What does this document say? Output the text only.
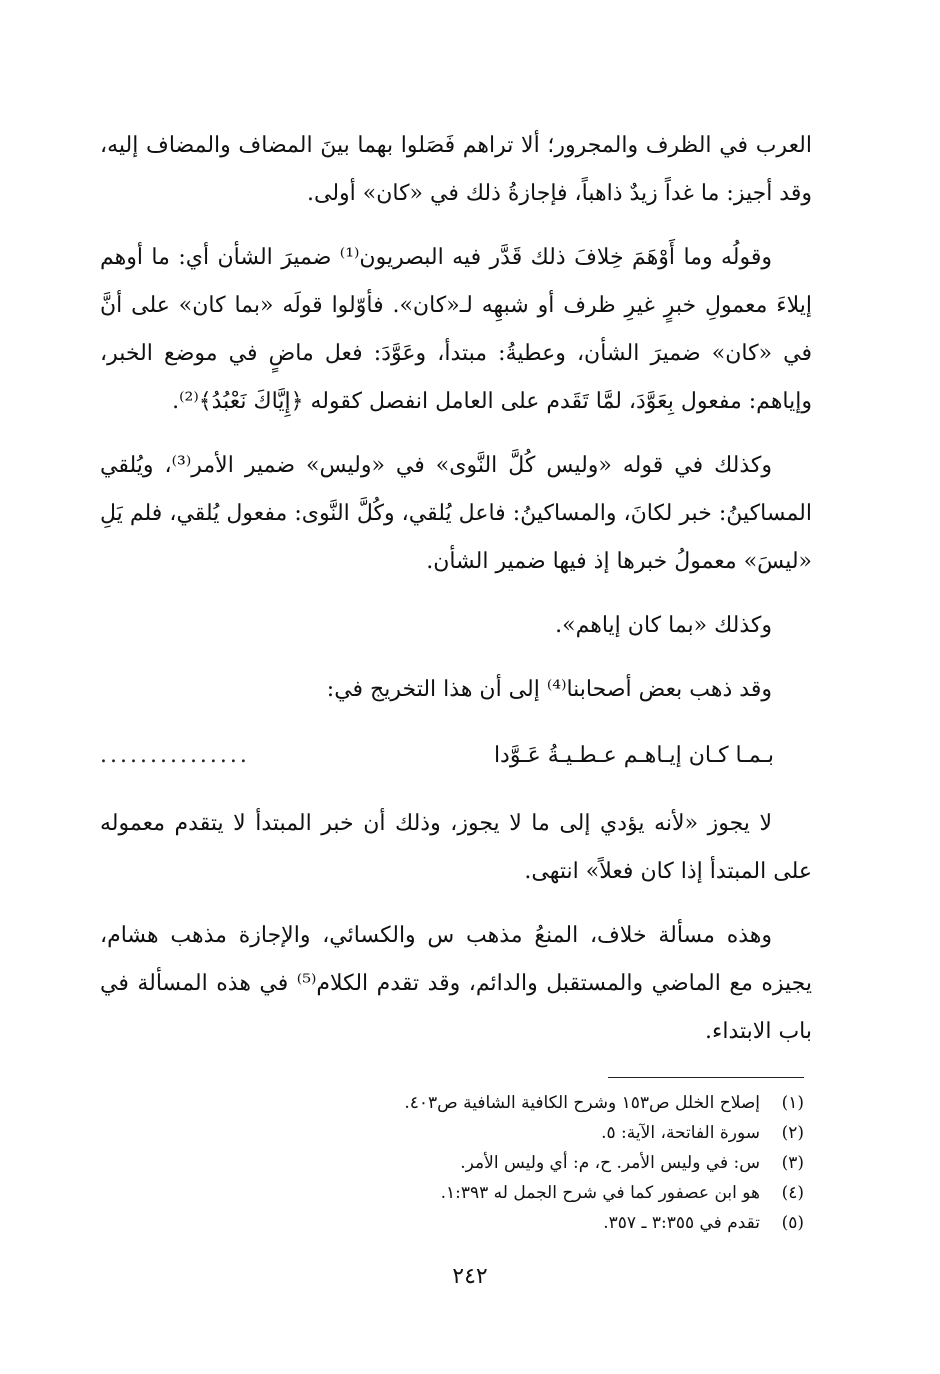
العرب في الظرف والمجرور؛ ألا تراهم فَصَلوا بهما بينَ المضاف والمضاف إليه، وقد أجيز: ما غداً زيدٌ ذاهباً، فإجازةُ ذلك في «كان» أولى.

وقولُه وما أَوْهَمَ خِلافَ ذلك قَدَّر فيه البصريون⁽¹⁾ ضميرَ الشأن أي: ما أوهم إيلاءَ معمولِ خبرٍ غيرِ ظرف أو شبهِه لـ«كان». فأوّلوا قولَه «بما كان» على أنَّ في «كان» ضميرَ الشأن، وعطيةُ: مبتدأ، وعَوَّدَ: فعل ماضٍ في موضع الخبر، وإياهم: مفعول بِعَوَّدَ، لمَّا تَقَدم على العامل انفصل كقوله ﴿إِيَّاكَ نَعْبُدُ﴾⁽²⁾.

وكذلك في قوله «وليس كُلَّ النَّوى» في «وليس» ضمير الأمر⁽³⁾، ويُلقي المساكينُ: خبر لكانَ، والمساكينُ: فاعل يُلقي، وكُلَّ النَّوى: مفعول يُلقي، فلم يَلِ «ليسَ» معمولُ خبرها إذ فيها ضمير الشأن.

وكذلك «بما كان إياهم».

وقد ذهب بعض أصحابنا⁽⁴⁾ إلى أن هذا التخريج في:

بـمـا كـان إيـاهـم عـطـيـةُ عَـوَّدا
...............

لا يجوز «لأنه يؤدي إلى ما لا يجوز، وذلك أن خبر المبتدأ لا يتقدم معموله على المبتدأ إذا كان فعلاً» انتهى.

وهذه مسألة خلاف، المنعُ مذهب س والكسائي، والإجازة مذهب هشام، يجيزه مع الماضي والمستقبل والدائم، وقد تقدم الكلام⁽⁵⁾ في هذه المسألة في باب الابتداء.

(١)
إصلاح الخلل ص١٥٣ وشرح الكافية الشافية ص٤٠٣.
(٢)
سورة الفاتحة، الآية: ٥.
(٣)
س: في وليس الأمر. ح، م: أي وليس الأمر.
(٤)
هو ابن عصفور كما في شرح الجمل له ١:٣٩٣.
(٥)
تقدم في ٣:٣٥٥ ـ ٣٥٧.
٢٤٢
